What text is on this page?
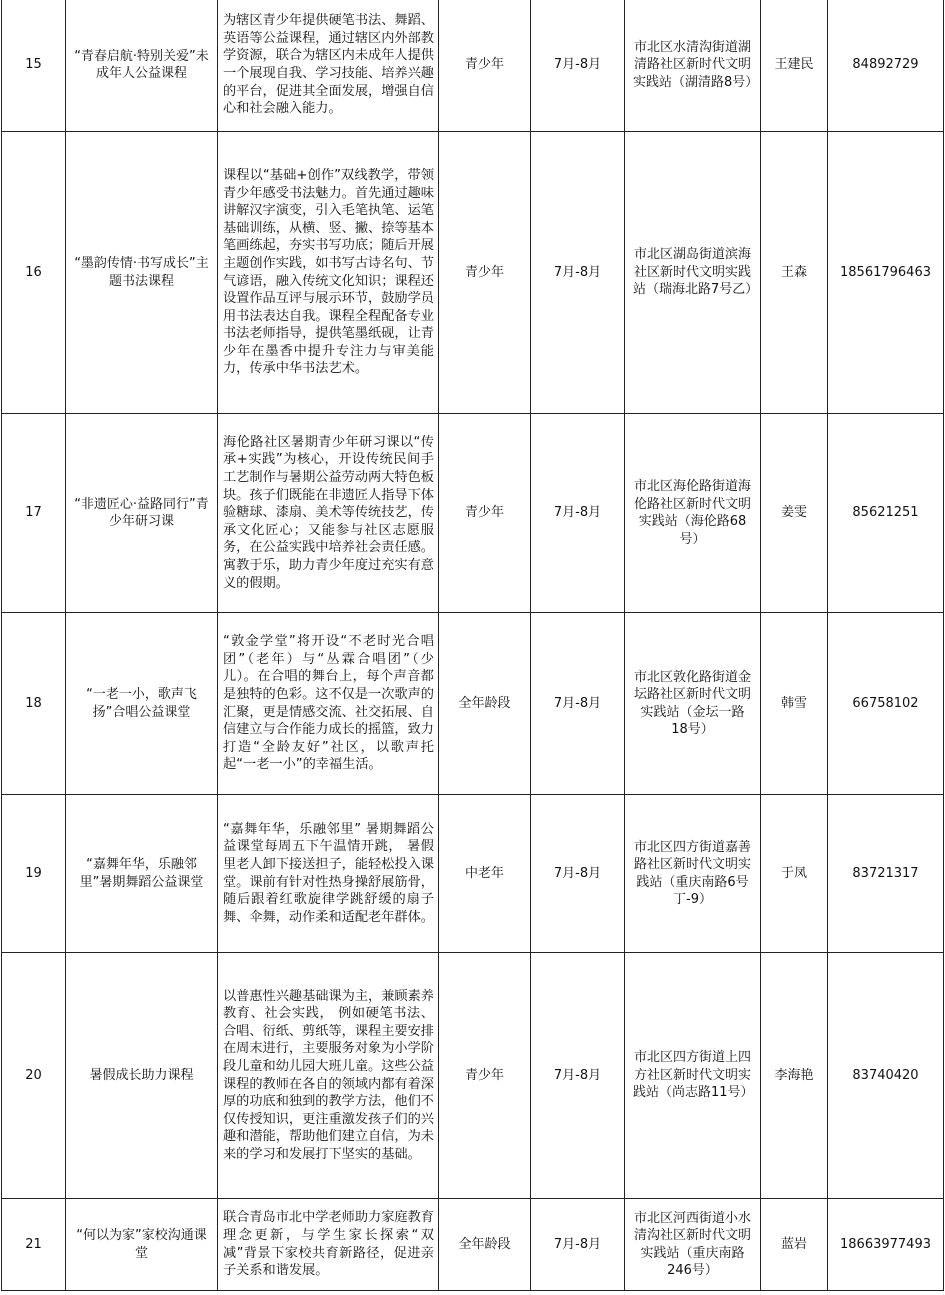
15	“青春启航·特别关爱”未成年人公益课程	为辖区青少年提供硬笔书法、舞蹈、英语等公益课程，通过辖区内外部教学资源，联合为辖区内未成年人提供一个展现自我、学习技能、培养兴趣的平台，促进其全面发展，增强自信心和社会融入能力。	青少年	7月-8月	市北区水清沟街道湖清路社区新时代文明实践站（湖清路8号）	王建民	84892729
16	“墨韵传情·书写成长”主题书法课程	课程以“基础+创作”双线教学，带领青少年感受书法魅力。首先通过趣味讲解汉字演变，引入毛笔执笔、运笔基础训练，从横、竖、撇、捺等基本笔画练起，夯实书写功底；随后开展主题创作实践，如书写古诗名句、节气谚语，融入传统文化知识；课程还设置作品互评与展示环节，鼓励学员用书法表达自我。课程全程配备专业书法老师指导，提供笔墨纸砚，让青少年在墨香中提升专注力与审美能力，传承中华书法艺术。	青少年	7月-8月	市北区湖岛街道滨海社区新时代文明实践站（瑞海北路7号乙）	王森	18561796463
17	“非遗匠心·益路同行”青少年研习课	海伦路社区暑期青少年研习课以“传承+实践”为核心，开设传统民间手工艺制作与暑期公益劳动两大特色板块。孩子们既能在非遗匠人指导下体验糖球、漆扇、美术等传统技艺，传承文化匠心；又能参与社区志愿服务，在公益实践中培养社会责任感。寓教于乐，助力青少年度过充实有意义的假期。	青少年	7月-8月	市北区海伦路街道海伦路社区新时代文明实践站（海伦路68号）	姜雯	85621251
18	“一老一小，歌声飞扬”合唱公益课堂	“敦金学堂”将开设“不老时光合唱团”（老年）与“丛霖合唱团”（少儿）。在合唱的舞台上，每个声音都是独特的色彩。这不仅是一次歌声的汇聚，更是情感交流、社交拓展、自信建立与合作能力成长的摇篮，致力打造“全龄友好”社区，以歌声托起“一老一小”的幸福生活。	全年龄段	7月-8月	市北区敦化路街道金坛路社区新时代文明实践站（金坛一路18号）	韩雪	66758102
19	“嘉舞年华，乐融邻里”暑期舞蹈公益课堂	“嘉舞年华，乐融邻里” 暑期舞蹈公益课堂每周五下午温情开跳， 暑假里老人卸下接送担子，能轻松投入课堂。课前有针对性热身操舒展筋骨，随后跟着红歌旋律学跳舒缓的扇子舞、伞舞，动作柔和适配老年群体。	中老年	7月-8月	市北区四方街道嘉善路社区新时代文明实践站（重庆南路6号丁-9）	于凤	83721317
20	暑假成长助力课程	以普惠性兴趣基础课为主，兼顾素养教育、社会实践， 例如硬笔书法、合唱、衍纸、剪纸等，课程主要安排在周末进行，主要服务对象为小学阶段儿童和幼儿园大班儿童。这些公益课程的教师在各自的领域内都有着深厚的功底和独到的教学方法，他们不仅传授知识，更注重激发孩子们的兴趣和潜能，帮助他们建立自信，为未来的学习和发展打下坚实的基础。	青少年	7月-8月	市北区四方街道上四方社区新时代文明实践站（尚志路11号）	李海艳	83740420
21	“何以为家”家校沟通课堂	联合青岛市北中学老师助力家庭教育理念更新，与学生家长探索“双减”背景下家校共育新路径，促进亲子关系和谐发展。	全年龄段	7月-8月	市北区河西街道小水清沟社区新时代文明实践站（重庆南路246号）	蓝岩	18663977493
